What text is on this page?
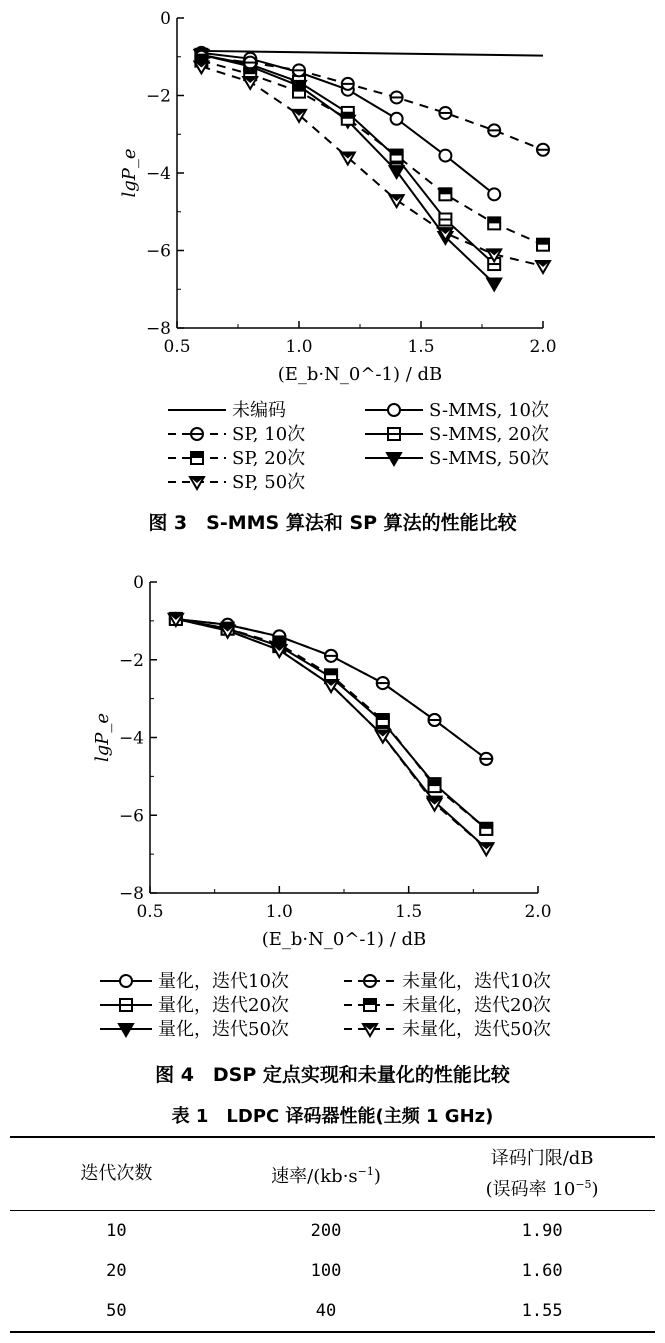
0
−2
−4
−6
−8
0.5	1.0	1.5	2.0
(E_b·N_0^-1) / dB
lgP_e
未编码	S-MMS, 10次
SP, 10次	S-MMS, 20次
SP, 20次	S-MMS, 50次
SP, 50次
0
−2
−4
−6
−8
0.5	1.0	1.5	2.0
(E_b·N_0^-1) / dB
lgP_e
量化，迭代10次	未量化，迭代10次
量化，迭代20次	未量化，迭代20次
量化，迭代50次	未量化，迭代50次
图 3　S-MMS 算法和 SP 算法的性能比较
图 4　DSP 定点实现和未量化的性能比较
表 1　LDPC 译码器性能(主频 1 GHz)
迭代次数	速率$/(kb\cdot s^{-1})$	译码门限/dB
(误码率 $10^{-5}$)

10	200	1.90
20	100	1.60
50	40	1.55
